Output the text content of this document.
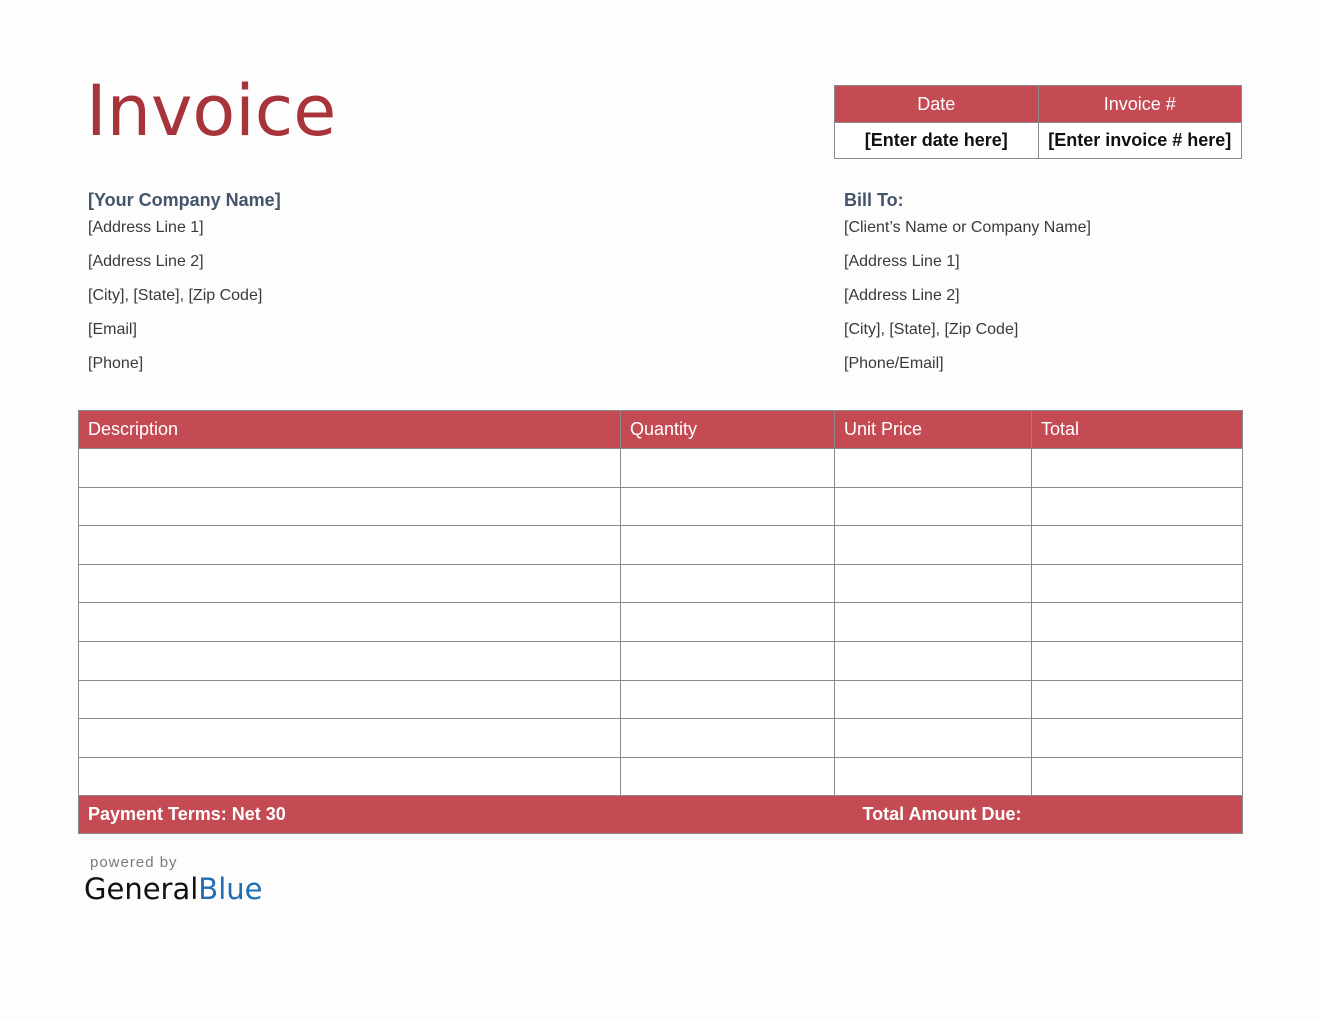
Invoice	Date	Invoice #
[Enter date here]	[Enter invoice # here]
[Your Company Name]
[Address Line 1]
[Address Line 2]
[City], [State], [Zip Code]
[Email]
[Phone]
Bill To:
[Client’s Name or Company Name]
[Address Line 1]
[Address Line 2]
[City], [State], [Zip Code]
[Phone/Email]
Description	Quantity	Unit Price	Total

Payment Terms: Net 30		Total Amount Due:	
powered by
GeneralBlue
